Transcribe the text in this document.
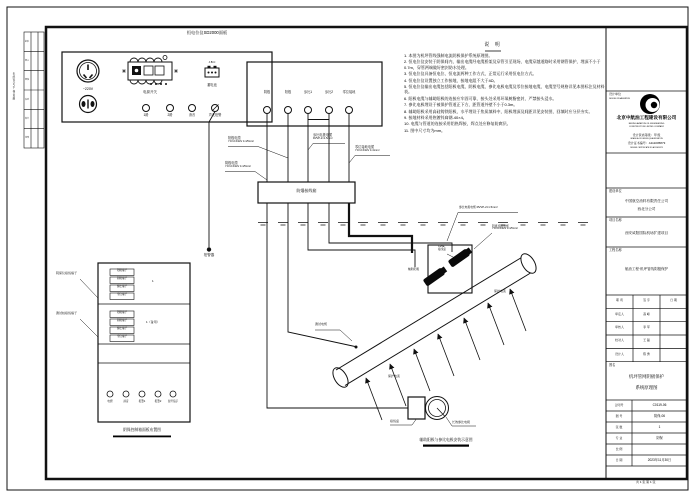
未经许可不得复制
批准
审定
审核
校对
设计
制图
恒电位仪SD2000面板
~220V
电源开关
J.B.C
蓄电池
1路	2路	消音	声光报警
报警器
阴极	阳极	参比1	参比2	零位接地
阳极电缆
YJV-0.6/1kV 1×25mm²
阴极电缆
YJV-0.6/1kV 1×25mm²
参比电极电缆
RVVP-2×1.5mm²
零位接地电缆
YJV-0.6/1kV 1×4mm²
防爆接线箱
参比电极电缆 RVVP-2×1.5mm²
阳极连接电缆
YJV-0.6/1kV 1×25mm²
C25E
接线盒
辅助阳极
测试电缆
保护电流
保护电流
接线盒	长效参比电极
辅助阳极与参比电极安装示意图
阴保仪接线端子
测试桩接线端子
阳极端子
阴极端子
参比端子
零位端子
1
阳极端子
阴极端子
参比端子
零位端子
1（备用）
电源	消音	报警1	报警2 信号指示
阴保控制箱面板布置图
说 明
1. 本图为机坪管线强制电流阴极保护系统原理图。
2. 恒电位仪安装于阴保间内，输出电缆经电缆桥架及穿管引至现场，电缆穿越道路时采用钢管保护，埋深不小于0.7m，穿管两端做好密封防水处理。
3. 恒电位仪具备恒电位、恒电流两种工作方式，正常运行采用恒电位方式。
4. 恒电位仪设置独立工作接地，接地电阻不大于4Ω。
5. 恒电位仪输出电缆包括阳极电缆、阴极电缆、参比电极电缆及零位接地电缆，电缆型号规格详见本图标注及材料表。
6. 阳极电缆与辅助阳极的连接应牢固可靠，接头处采用环氧树脂密封，严禁接头浸水。
7. 参比电极埋设于被保护管道正下方，距管道外壁不小于0.3m。
8. 辅助阳极采用高硅铸铁阳极，水平埋设于焦炭填料中，阳极埋深及间距详见安装图，回填时应分层夯实。
9. 接地材料采用热镀锌扁钢-40×4。
10. 电缆与管道的连接采用铝热焊接，焊点处应修复防腐层。
11. 图中尺寸均为mm。
设计单位
DESIGN ORGANIZATION
北京中航油工程建设有限公司
BEIJING AVIATION OIL ENGINEERING
CONSTRUCTION LIMITED COMPANY
设计资质等级：甲 级
GRADE A OF DESIGN QUALIFICATION
设计证书编号：A111005873
DESIGN CERTIFICATE NO.A111005873
建设单位
中国航空油料有限责任公司
西北分公司
项目名称
西安咸阳国际机场扩建项目
工程名称
航油工程·机坪管线阴极保护
职 责	签 字	日 期
审定人	高 峰
审核人	李 军
校对人	王 磊
设计人	陈 勇
图名
机坪管网阴极保护
系统原理图
合同号	C0119-06
图 号	阴保-06
张 数	1
专 业	阴保
比 例
日 期	2023年11月30日
共 1 张 第 1 张
